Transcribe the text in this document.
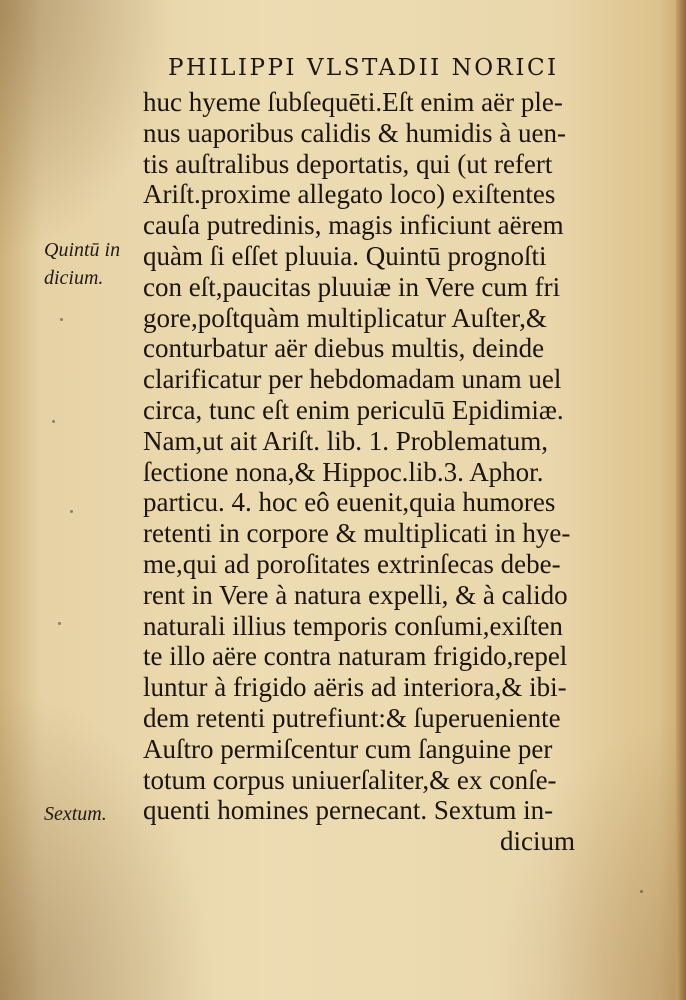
PHILIPPI VLSTADII NORICI
Quintū in
dicium.
Sextum.
huc hyeme ſubſequēti.Eſt enim aër ple-
nus uaporibus calidis & humidis à uen-
tis auſtralibus deportatis, qui (ut refert
Ariſt.proxime allegato loco) exiſtentes
cauſa putredinis, magis inficiunt aërem
quàm ſi eſſet pluuia. Quintū prognoſti
con eſt,paucitas pluuiæ in Vere cum fri
gore,poſtquàm multiplicatur Auſter,&
conturbatur aër diebus multis, deinde
clarificatur per hebdomadam unam uel
circa, tunc eſt enim periculū Epidimiæ.
Nam,ut ait Ariſt. lib. 1. Problematum,
ſectione nona,& Hippoc.lib.3. Aphor.
particu. 4. hoc eô euenit,quia humores
retenti in corpore & multiplicati in hye-
me,qui ad poroſitates extrinſecas debe-
rent in Vere à natura expelli, & à calido
naturali illius temporis conſumi,exiſten
te illo aëre contra naturam frigido,repel
luntur à frigido aëris ad interiora,& ibi-
dem retenti putrefiunt:& ſuperueniente
Auſtro permiſcentur cum ſanguine per
totum corpus uniuerſaliter,& ex conſe-
quenti homines pernecant. Sextum in-
dicium
